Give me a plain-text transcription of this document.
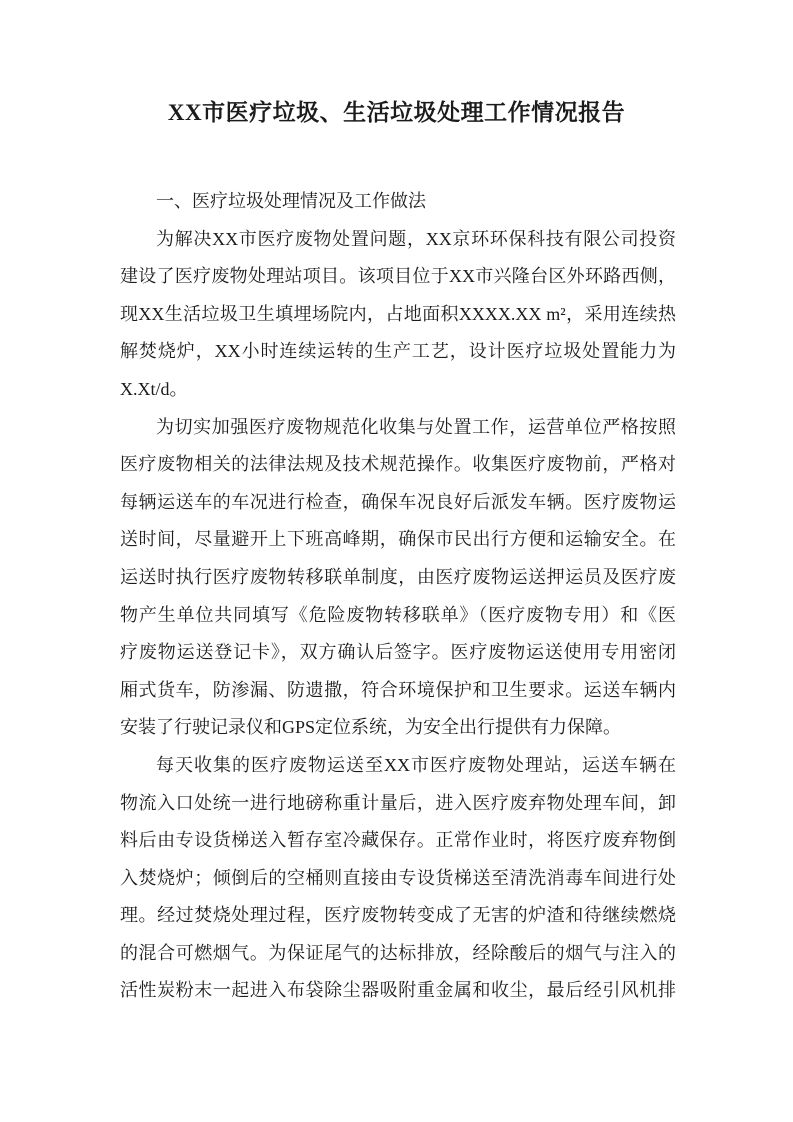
XX市医疗垃圾、生活垃圾处理工作情况报告
一、医疗垃圾处理情况及工作做法
为解决XX市医疗废物处置问题，XX京环环保科技有限公司投资
建设了医疗废物处理站项目。该项目位于XX市兴隆台区外环路西侧，
现XX生活垃圾卫生填埋场院内，占地面积XXXX.XX m²，采用连续热
解焚烧炉，XX小时连续运转的生产工艺，设计医疗垃圾处置能力为
X.Xt/d。
为切实加强医疗废物规范化收集与处置工作，运营单位严格按照
医疗废物相关的法律法规及技术规范操作。收集医疗废物前，严格对
每辆运送车的车况进行检查，确保车况良好后派发车辆。医疗废物运
送时间，尽量避开上下班高峰期，确保市民出行方便和运输安全。在
运送时执行医疗废物转移联单制度，由医疗废物运送押运员及医疗废
物产生单位共同填写《危险废物转移联单》（医疗废物专用）和《医
疗废物运送登记卡》，双方确认后签字。医疗废物运送使用专用密闭
厢式货车，防渗漏、防遗撒，符合环境保护和卫生要求。运送车辆内
安装了行驶记录仪和GPS定位系统，为安全出行提供有力保障。
每天收集的医疗废物运送至XX市医疗废物处理站，运送车辆在
物流入口处统一进行地磅称重计量后，进入医疗废弃物处理车间，卸
料后由专设货梯送入暂存室冷藏保存。正常作业时，将医疗废弃物倒
入焚烧炉；倾倒后的空桶则直接由专设货梯送至清洗消毒车间进行处
理。经过焚烧处理过程，医疗废物转变成了无害的炉渣和待继续燃烧
的混合可燃烟气。为保证尾气的达标排放，经除酸后的烟气与注入的
活性炭粉末一起进入布袋除尘器吸附重金属和收尘，最后经引风机排
